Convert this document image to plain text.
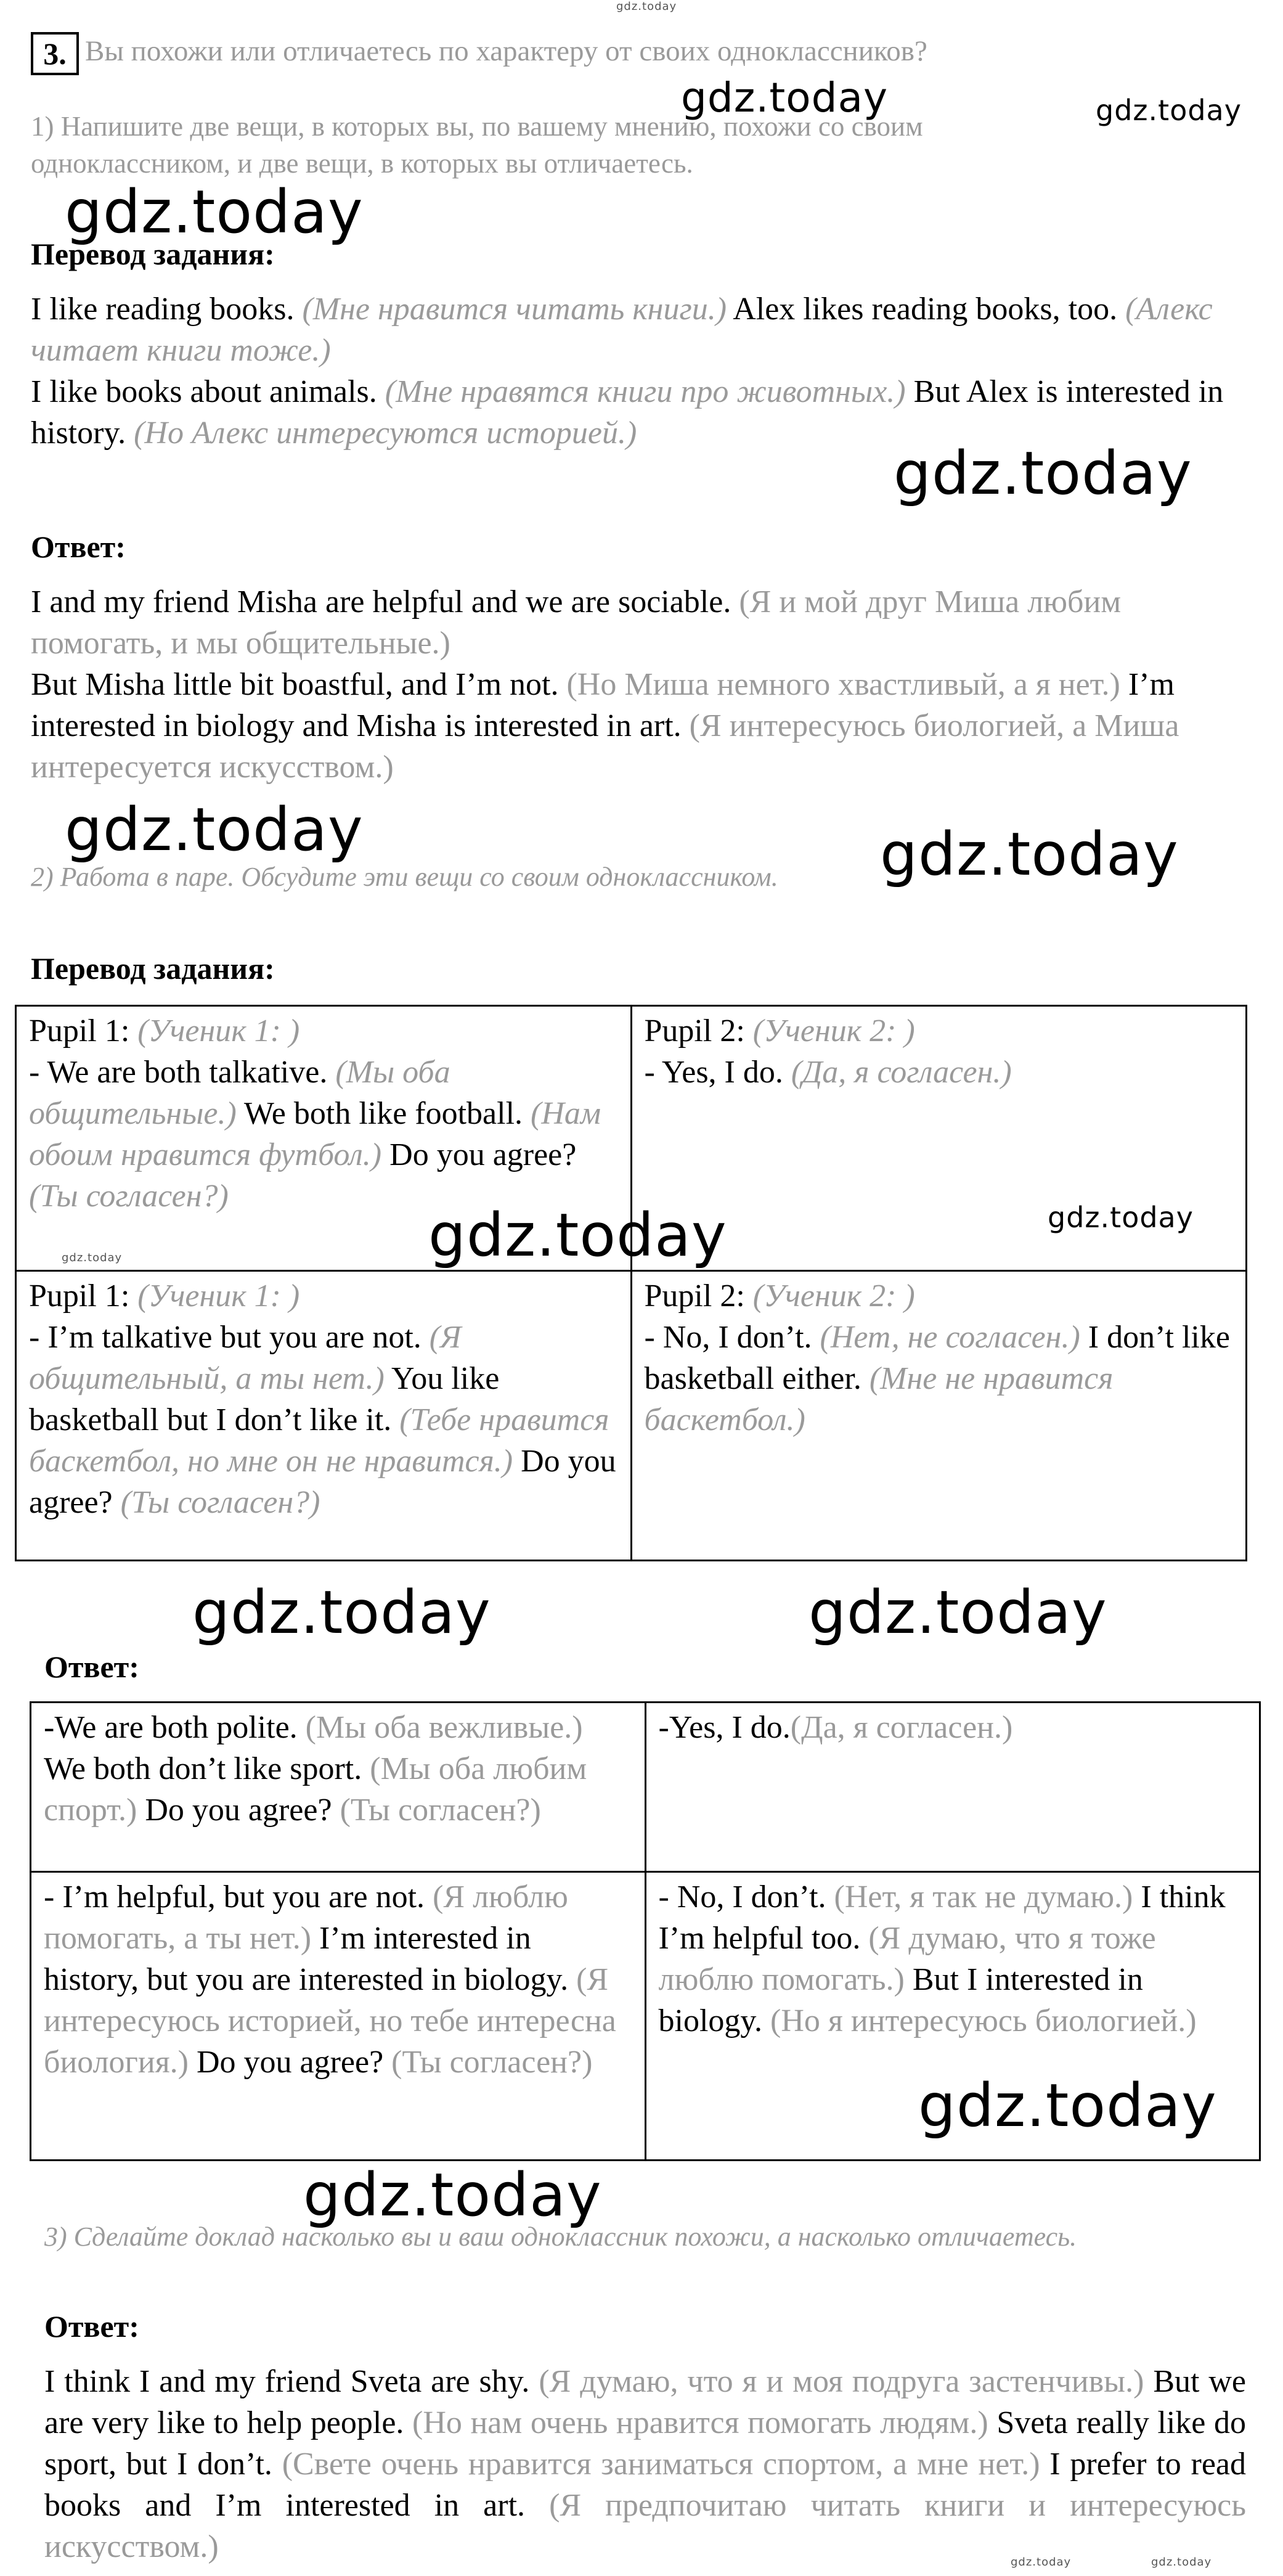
gdz.today
3. Вы похожи или отличаетесь по характеру от своих одноклассников?
1) Напишите две вещи, в которых вы, по вашему мнению, похожи со своим
одноклассником, и две вещи, в которых вы отличаетесь.
Перевод задания:
I like reading books. (Мне нравится читать книги.) Alex likes reading books, too. (Алекс читает книги тоже.)
I like books about animals. (Мне нравятся книги про животных.) But Alex is interested in history. (Но Алекс интересуются историей.)
Ответ:
I and my friend Misha are helpful and we are sociable. (Я и мой друг Миша любим помогать, и мы общительные.)
But Misha little bit boastful, and I’m not. (Но Миша немного хвастливый, а я нет.) I’m interested in biology and Misha is interested in art. (Я интересуюсь биологией, а Миша интересуется искусством.)
2) Работа в паре. Обсудите эти вещи со своим одноклассником.
Перевод задания:
Pupil 1: (Ученик 1: )
- We are both talkative. (Мы оба общительные.) We both like football. (Нам обоим нравится футбол.) Do you agree? (Ты согласен?)	Pupil 2: (Ученик 2: )
- Yes, I do. (Да, я согласен.)
Pupil 1: (Ученик 1: )
- I’m talkative but you are not. (Я общительный, а ты нет.) You like basketball but I don’t like it. (Тебе нравится баскетбол, но мне он не нравится.) Do you agree? (Ты согласен?)	Pupil 2: (Ученик 2: )
- No, I don’t. (Нет, не согласен.) I don’t like basketball either. (Мне не нравится баскетбол.)
Ответ:
-We are both polite. (Мы оба вежливые.) We both don’t like sport. (Мы оба любим спорт.) Do you agree? (Ты согласен?)	-Yes, I do.(Да, я согласен.)
- I’m helpful, but you are not. (Я люблю помогать, а ты нет.) I’m interested in history, but you are interested in biology. (Я интересуюсь историей, но тебе интересна биология.) Do you agree? (Ты согласен?)	- No, I don’t. (Нет, я так не думаю.) I think I’m helpful too. (Я думаю, что я тоже люблю помогать.) But I interested in biology. (Но я интересуюсь биологией.)
3) Сделайте доклад насколько вы и ваш одноклассник похожи, а насколько отличаетесь.
Ответ:
I think I and my friend Sveta are shy. (Я думаю, что я и моя подруга застенчивы.) But we are very like to help people. (Но нам очень нравится помогать людям.) Sveta really like do sport, but I don’t. (Свете очень нравится заниматься спортом, а мне нет.) I prefer to read books and I’m interested in art. (Я предпочитаю читать книги и интересуюсь искусством.)
gdz.today	gdz.today
gdz.today
gdz.today
gdz.today	gdz.today
gdz.today	gdz.today
gdz.today
gdz.today	gdz.today
gdz.today
gdz.today
gdz.today	gdz.today
